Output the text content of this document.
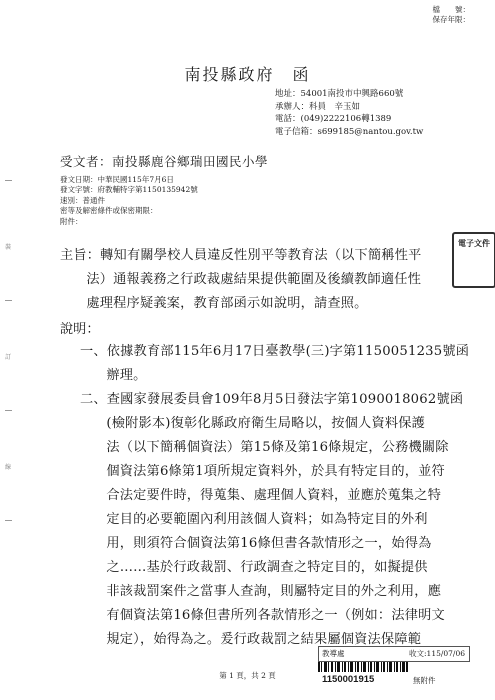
檔　　號：
保存年限：
裝
訂
線
南投縣政府　函
地址：54001南投市中興路660號
承辦人：科員　辛玉如
電話：(049)2222106轉1389
電子信箱：s699185@nantou.gov.tw
受文者：南投縣鹿谷鄉瑞田國民小學
發文日期：中華民國115年7月6日
發文字號：府教輔特字第1150135942號
速別：普通件
密等及解密條件或保密期限：
附件：
主旨：轉知有關學校人員違反性別平等教育法（以下簡稱性平
法）通報義務之行政裁處結果提供範圍及後續教師適任性
處理程序疑義案，教育部函示如說明，請查照。
電子文件
說明：
一、依據教育部115年6月17日臺教學(三)字第1150051235號函
辦理。
二、查國家發展委員會109年8月5日發法字第1090018062號函
(檢附影本)復彰化縣政府衛生局略以，按個人資料保護
法（以下簡稱個資法）第15條及第16條規定，公務機關除
個資法第6條第1項所規定資料外，於具有特定目的，並符
合法定要件時，得蒐集、處理個人資料，並應於蒐集之特
定目的必要範圍內利用該個人資料；如為特定目的外利
用，則須符合個資法第16條但書各款情形之一，始得為
之……基於行政裁罰、行政調查之特定目的，如擬提供
非該裁罰案件之當事人查詢，則屬特定目的外之利用，應
有個資法第16條但書所列各款情形之一（例如：法律明文
規定），始得為之。爰行政裁罰之結果屬個資法保障範
教導處	收文:115/07/06
1150001915	無附件
第 1 頁，共 2 頁
